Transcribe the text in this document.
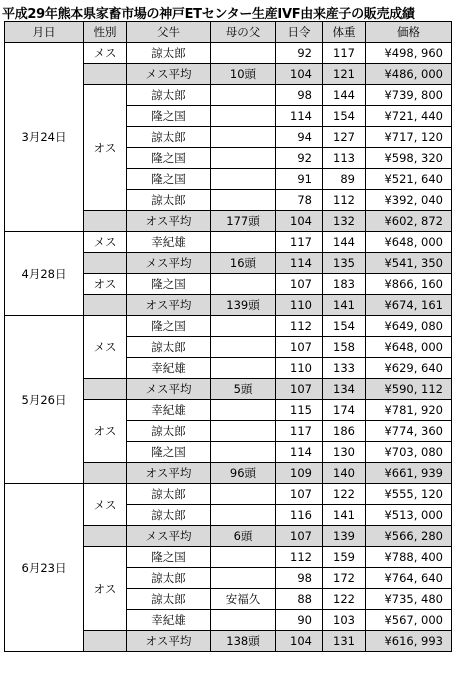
平成29年熊本県家畜市場の神戸ETセンター生産IVF由来産子の販売成績
月日	性別	父牛	母の父	日令	体重	価格
3月24日	メス	諒太郎		92	117	¥498, 960
		メス平均	10頭	104	121	¥486, 000
	オス	諒太郎		98	144	¥739, 800
		隆之国		114	154	¥721, 440
		諒太郎		94	127	¥717, 120
		隆之国		92	113	¥598, 320
		隆之国		91	89	¥521, 640
		諒太郎		78	112	¥392, 040
		オス平均	177頭	104	132	¥602, 872
4月28日	メス	幸紀雄		117	144	¥648, 000
		メス平均	16頭	114	135	¥541, 350
	オス	隆之国		107	183	¥866, 160
		オス平均	139頭	110	141	¥674, 161
5月26日	メス	隆之国		112	154	¥649, 080
		諒太郎		107	158	¥648, 000
		幸紀雄		110	133	¥629, 640
		メス平均	5頭	107	134	¥590, 112
	オス	幸紀雄		115	174	¥781, 920
		諒太郎		117	186	¥774, 360
		隆之国		114	130	¥703, 080
		オス平均	96頭	109	140	¥661, 939
6月23日	メス	諒太郎		107	122	¥555, 120
		諒太郎		116	141	¥513, 000
		メス平均	6頭	107	139	¥566, 280
	オス	隆之国		112	159	¥788, 400
		諒太郎		98	172	¥764, 640
		諒太郎	安福久	88	122	¥735, 480
		幸紀雄		90	103	¥567, 000
		オス平均	138頭	104	131	¥616, 993
